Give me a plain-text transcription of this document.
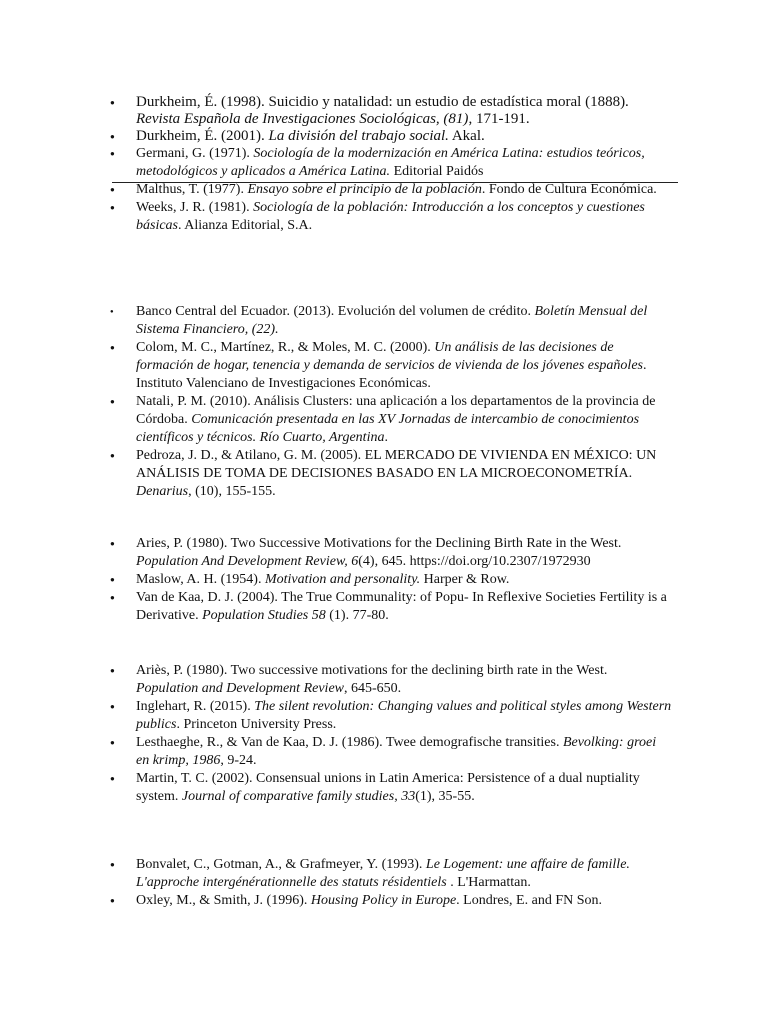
●
Durkheim, É. (1998). Suicidio y natalidad: un estudio de estadística moral (1888). Revista Española de Investigaciones Sociológicas, (81), 171-191.
●
Durkheim, É. (2001). La división del trabajo social. Akal.
●
Germani, G. (1971). Sociología de la modernización en América Latina: estudios teóricos, metodológicos y aplicados a América Latina. Editorial Paidós
●
Malthus, T. (1977). Ensayo sobre el principio de la población. Fondo de Cultura Económica.
●
Weeks, J. R. (1981). Sociología de la población: Introducción a los conceptos y cuestiones básicas. Alianza Editorial, S.A.
●
Banco Central del Ecuador. (2013). Evolución del volumen de crédito. Boletín Mensual del Sistema Financiero, (22).
●
Colom, M. C., Martínez, R., & Moles, M. C. (2000). Un análisis de las decisiones de formación de hogar, tenencia y demanda de servicios de vivienda de los jóvenes españoles. Instituto Valenciano de Investigaciones Económicas.
●
Natali, P. M. (2010). Análisis Clusters: una aplicación a los departamentos de la provincia de Córdoba. Comunicación presentada en las XV Jornadas de intercambio de conocimientos científicos y técnicos. Río Cuarto, Argentina.
●
Pedroza, J. D., & Atilano, G. M. (2005). EL MERCADO DE VIVIENDA EN MÉXICO: UN ANÁLISIS DE TOMA DE DECISIONES BASADO EN LA MICROECONOMETRÍA. Denarius, (10), 155-155.
●
Aries, P. (1980). Two Successive Motivations for the Declining Birth Rate in the West. Population And Development Review, 6(4), 645. https://doi.org/10.2307/1972930
●
Maslow, A. H. (1954). Motivation and personality. Harper & Row.
●
Van de Kaa, D. J. (2004). The True Communality: of Popu- In Reflexive Societies Fertility is a Derivative. Population Studies 58 (1). 77-80.
●
Ariès, P. (1980). Two successive motivations for the declining birth rate in the West. Population and Development Review, 645-650.
●
Inglehart, R. (2015). The silent revolution: Changing values and political styles among Western publics. Princeton University Press.
●
Lesthaeghe, R., & Van de Kaa, D. J. (1986). Twee demografische transities. Bevolking: groei en krimp, 1986, 9-24.
●
Martin, T. C. (2002). Consensual unions in Latin America: Persistence of a dual nuptiality system. Journal of comparative family studies, 33(1), 35-55.
●
Bonvalet, C., Gotman, A., & Grafmeyer, Y. (1993). Le Logement: une affaire de famille. L'approche intergénérationnelle des statuts résidentiels . L'Harmattan.
●
Oxley, M., & Smith, J. (1996). Housing Policy in Europe. Londres, E. and FN Son.
